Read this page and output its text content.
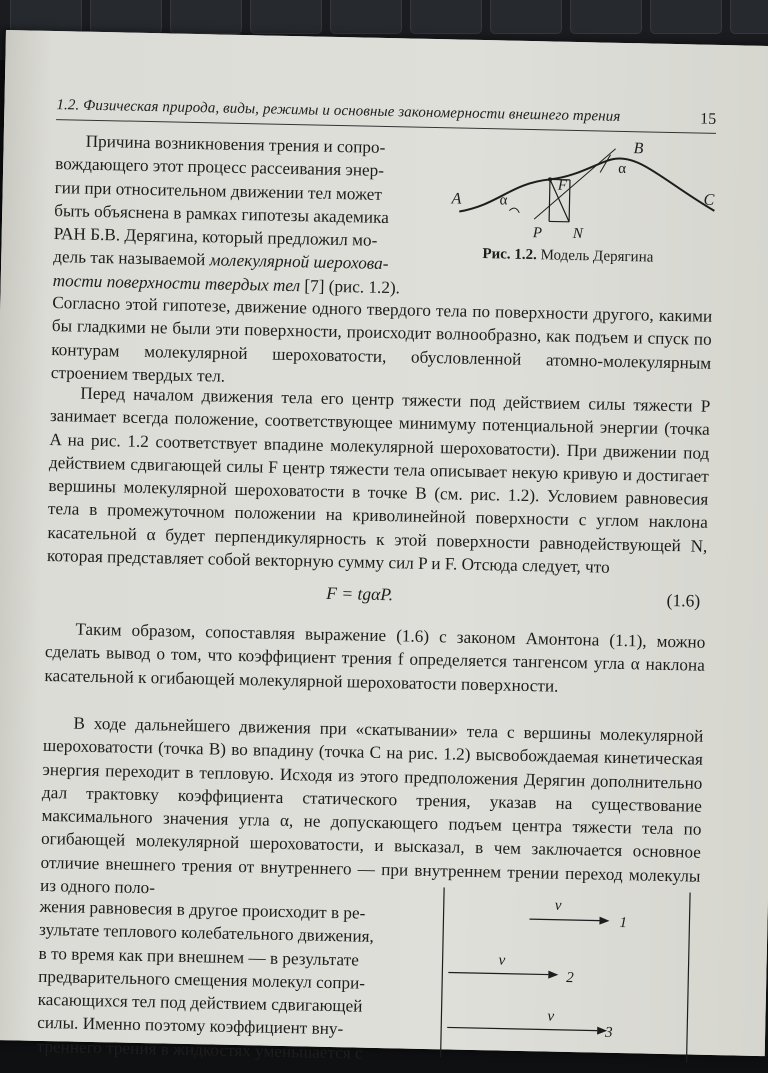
1.2. Физическая природа, виды, режимы и основные закономерности внешнего трения	15

Причина возникновения трения и сопро-
вождающего этот процесс рассеивания энер-
гии при относительном движении тел может
быть объяснена в рамках гипотезы академика
РАН Б.В. Дерягина, который предложил мо-
дель так называемой молекулярной шерохова-
тости поверхности твердых тел [7] (рис. 1.2).

A
B
C
F
P N
α
α
Рис. 1.2. Модель Дерягина

Согласно этой гипотезе, движение одного твердого тела по поверхности другого, какими бы гладкими не были эти поверхности, происходит волнообразно, как подъем и спуск по контурам молекулярной шероховатости, обусловленной атомно-молекулярным строением твердых тел.

Перед началом движения тела его центр тяжести под действием силы тяжести P занимает всегда положение, соответствующее минимуму потенциальной энергии (точка A на рис. 1.2 соответствует впадине молекулярной шероховатости). При движении под действием сдвигающей силы F центр тяжести тела описывает некую кривую и достигает вершины молекулярной шероховатости в точке B (см. рис. 1.2). Условием равновесия тела в промежуточном положении на криволинейной поверхности с углом наклона касательной α будет перпендикулярность к этой поверхности равнодействующей N, которая представляет собой векторную сумму сил P и F. Отсюда следует, что

F = tgαP.	(1.6)

Таким образом, сопоставляя выражение (1.6) с законом Амонтона (1.1), можно сделать вывод о том, что коэффициент трения f определяется тангенсом угла α наклона касательной к огибающей молекулярной шероховатости поверхности.

В ходе дальнейшего движения при «скатывании» тела с вершины молекулярной шероховатости (точка B) во впадину (точка C на рис. 1.2) высвобождаемая кинетическая энергия переходит в тепловую. Исходя из этого предположения Дерягин дополнительно дал трактовку коэффициента статического трения, указав на существование максимального значения угла α, не допускающего подъем центра тяжести тела по огибающей молекулярной шероховатости, и высказал, в чем заключается основное отличие внешнего трения от внутреннего — при внутреннем трении переход молекулы из одного поло-

жения равновесия в другое происходит в ре-
зультате теплового колебательного движения,
в то время как при внешнем — в результате
предварительного смещения молекул сопри-
касающихся тел под действием сдвигающей
силы. Именно поэтому коэффициент вну-
треннего трения в жидкостях уменьшается с

v
1
v
2
v
3
